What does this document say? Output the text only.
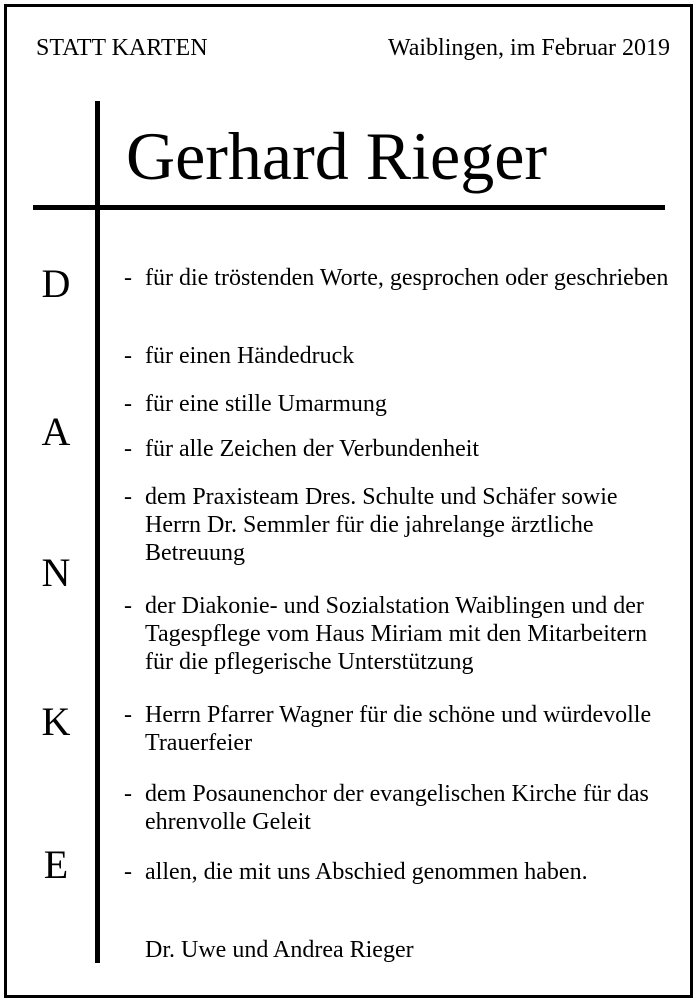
STATT KARTEN	Waiblingen, im Februar 2019
Gerhard Rieger
D
A
N
K
E
- für die tröstenden Worte, gesprochen oder geschrieben
- für einen Händedruck
- für eine stille Umarmung
- für alle Zeichen der Verbundenheit
- dem Praxisteam Dres. Schulte und Schäfer sowie Herrn Dr. Semmler für die jahrelange ärztliche Betreuung
- der Diakonie- und Sozialstation Waiblingen und der Tagespflege vom Haus Miriam mit den Mitarbeitern für die pflegerische Unterstützung
- Herrn Pfarrer Wagner für die schöne und würdevolle Trauerfeier
- dem Posaunenchor der evangelischen Kirche für das ehrenvolle Geleit
- allen, die mit uns Abschied genommen haben.
Dr. Uwe und Andrea Rieger
